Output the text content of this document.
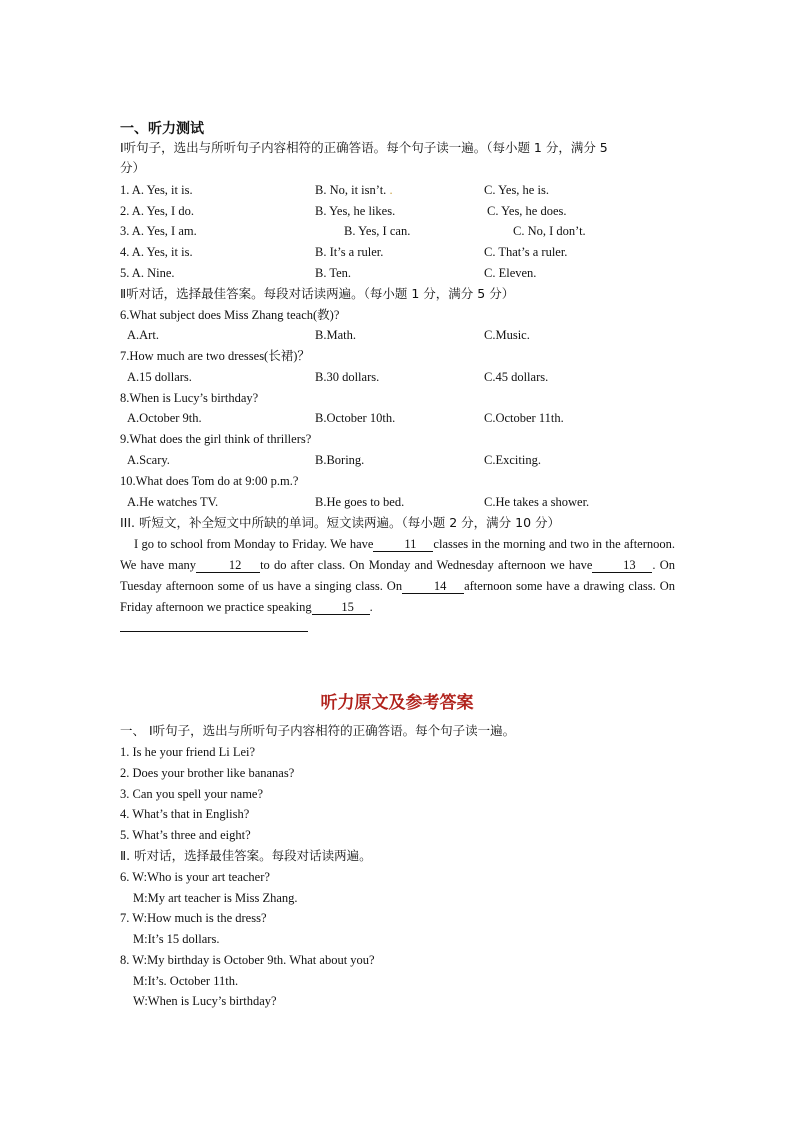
一、听力测试
Ⅰ听句子，选出与所听句子内容相符的正确答语。每个句子读一遍。（每小题 1 分，满分 5
分）
1. A. Yes, it is.	B. No, it isn’t. .	C. Yes, he is.
2. A. Yes, I do.	B. Yes, he likes.	C. Yes, he does.
3. A. Yes, I am.	B. Yes, I can.	C. No, I don’t.
4. A. Yes, it is.	B. It’s a ruler.	C. That’s a ruler.
5. A. Nine.	B. Ten.	C. Eleven.
Ⅱ听对话，选择最佳答案。每段对话读两遍。（每小题 1 分，满分 5 分）
6.What subject does Miss Zhang teach(教)?
A.Art.	B.Math.	C.Music.
7.How much are two dresses(长裙)？
A.15 dollars.	B.30 dollars.	C.45 dollars.
8.When is Lucy’s birthday?
A.October 9th.	B.October 10th.	C.October 11th.
9.What does the girl think of thrillers?
A.Scary.	B.Boring.	C.Exciting.
10.What does Tom do at 9:00 p.m.?
A.He watches TV.	B.He goes to bed.	C.He takes a shower.
III. 听短文，补全短文中所缺的单词。短文读两遍。（每小题 2 分，满分 10 分）
I go to school from Monday to Friday. We have 11 classes in the morning and two in the afternoon. We have many	12 to do after class. On Monday and Wednesday afternoon we have 13 . On Tuesday afternoon some of us have a singing class. On	14 afternoon some have a drawing class. On Friday afternoon we practice speaking 15 .
听力原文及参考答案
一、 Ⅰ听句子，选出与所听句子内容相符的正确答语。每个句子读一遍。
1. Is he your friend Li Lei?
2. Does your brother like bananas?
3. Can you spell your name?
4. What’s that in English?
5. What’s three and eight?
Ⅱ. 听对话，选择最佳答案。每段对话读两遍。
6. W:Who is your art teacher?
M:My art teacher is Miss Zhang.
7. W:How much is the dress?
M:It’s 15 dollars.
8. W:My birthday is October 9th. What about you?
M:It’s. October 11th.
W:When is Lucy’s birthday?
